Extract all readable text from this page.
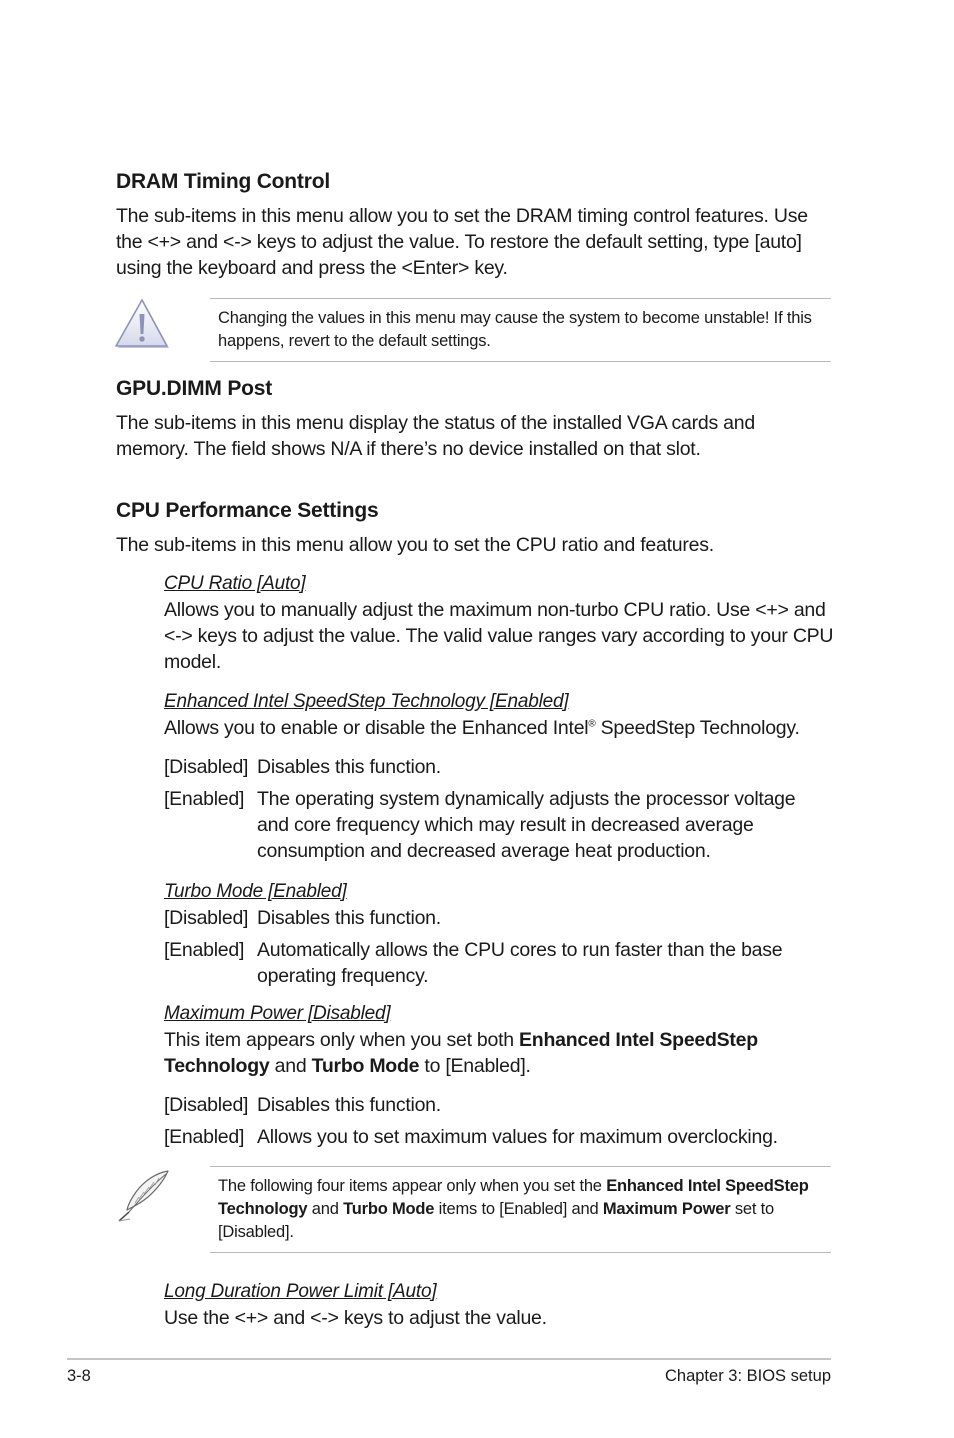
DRAM Timing Control
The sub-items in this menu allow you to set the DRAM timing control features. Use the <+> and <-> keys to adjust the value. To restore the default setting, type [auto] using the keyboard and press the <Enter> key.
Changing the values in this menu may cause the system to become unstable! If this happens, revert to the default settings.
GPU.DIMM Post
The sub-items in this menu display the status of the installed VGA cards and memory. The field shows N/A if there’s no device installed on that slot.
CPU Performance Settings
The sub-items in this menu allow you to set the CPU ratio and features.
CPU Ratio [Auto]
Allows you to manually adjust the maximum non-turbo CPU ratio. Use <+> and <-> keys to adjust the value. The valid value ranges vary according to your CPU model.
Enhanced Intel SpeedStep Technology [Enabled]
Allows you to enable or disable the Enhanced Intel® SpeedStep Technology.
[Disabled] Disables this function.
[Enabled] The operating system dynamically adjusts the processor voltage and core frequency which may result in decreased average consumption and decreased average heat production.
Turbo Mode [Enabled]
[Disabled] Disables this function.
[Enabled] Automatically allows the CPU cores to run faster than the base operating frequency.
Maximum Power [Disabled]
This item appears only when you set both Enhanced Intel SpeedStep Technology and Turbo Mode to [Enabled].
[Disabled] Disables this function.
[Enabled] Allows you to set maximum values for maximum overclocking.
The following four items appear only when you set the Enhanced Intel SpeedStep Technology and Turbo Mode items to [Enabled] and Maximum Power set to [Disabled].
Long Duration Power Limit [Auto]
Use the <+> and <-> keys to adjust the value.
3-8	Chapter 3: BIOS setup
